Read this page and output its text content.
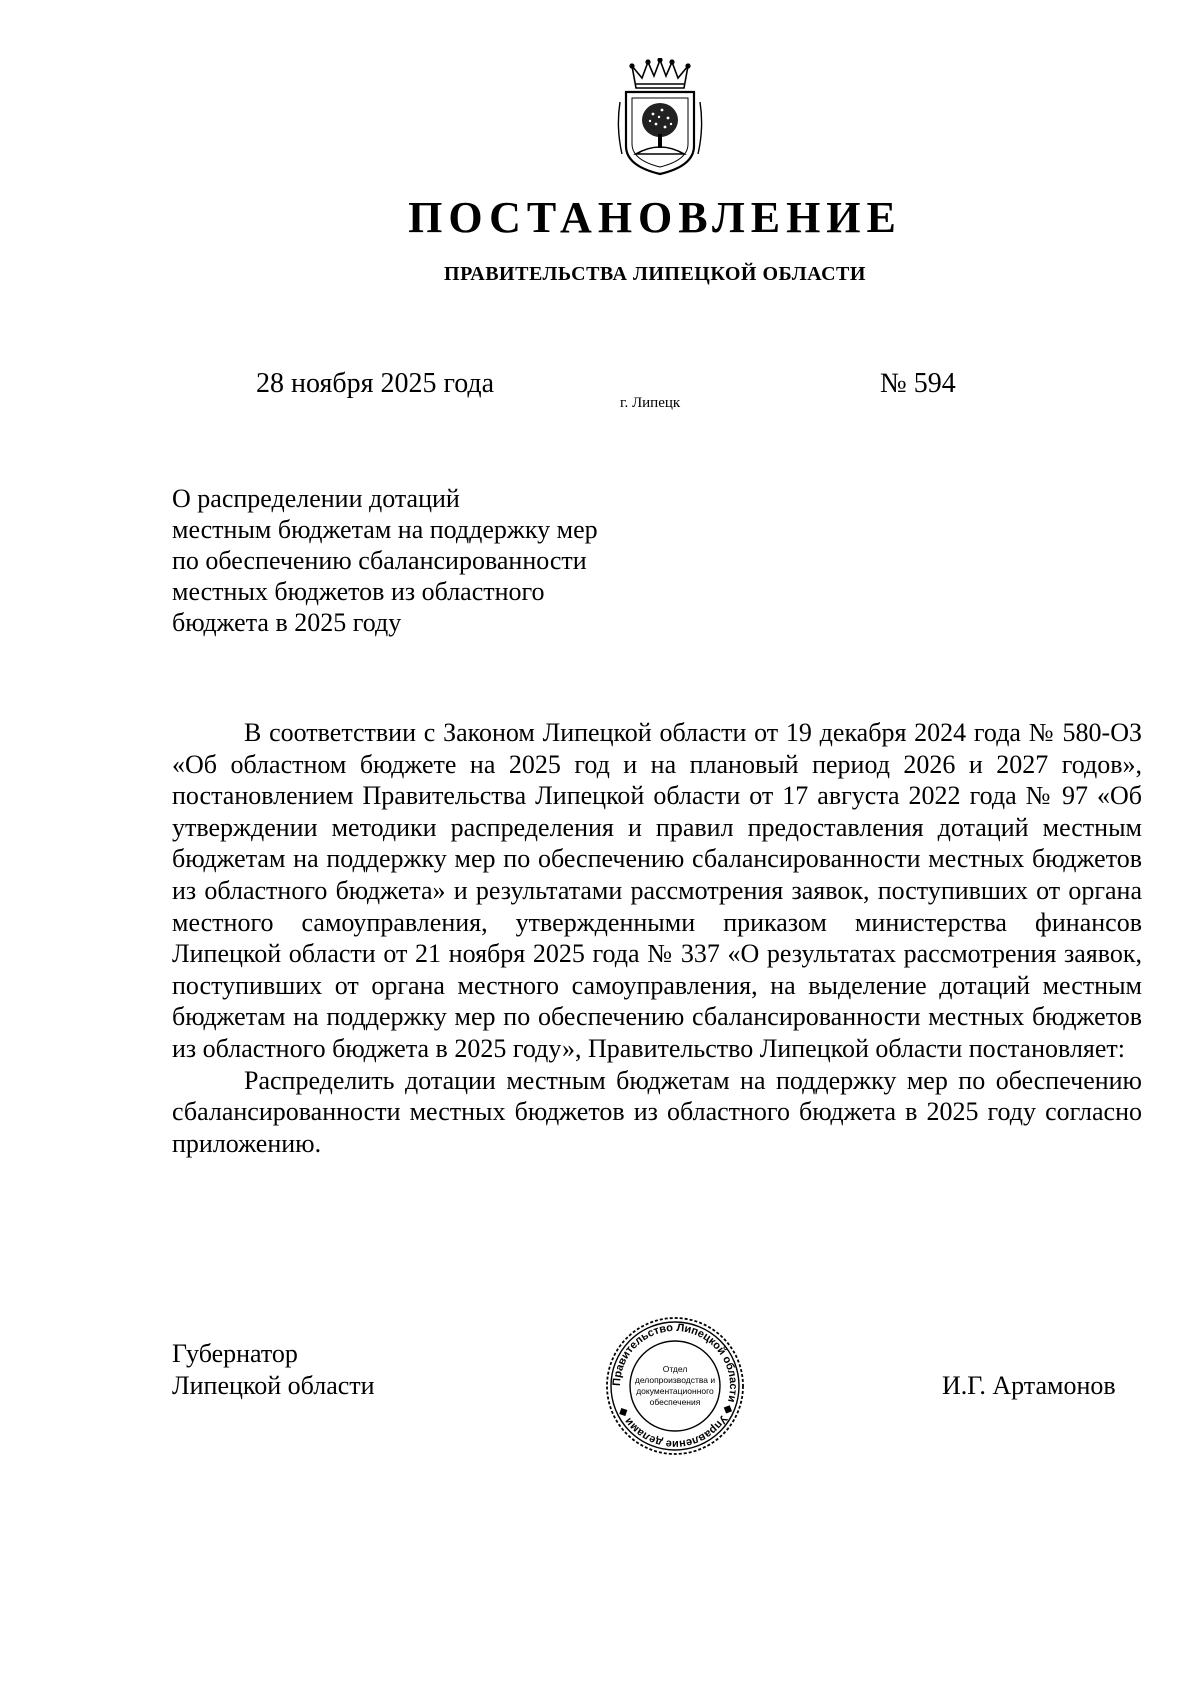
ПОСТАНОВЛЕНИЕ
ПРАВИТЕЛЬСТВА ЛИПЕЦКОЙ ОБЛАСТИ
28 ноября 2025 года
г. Липецк
№ 594
О распределении дотаций
местным бюджетам на поддержку мер
по обеспечению сбалансированности
местных бюджетов из областного
бюджета в 2025 году

В соответствии с Законом Липецкой области от 19 декабря 2024 года № 580-ОЗ «Об областном бюджете на 2025 год и на плановый период 2026 и 2027 годов», постановлением Правительства Липецкой области от 17 августа 2022 года № 97 «Об утверждении методики распределения и правил предоставления дотаций местным бюджетам на поддержку мер по обеспечению сбалансированности местных бюджетов из областного бюджета» и результатами рассмотрения заявок, поступивших от органа местного самоуправления, утвержденными приказом министерства финансов Липецкой области от 21 ноября 2025 года № 337 «О результатах рассмотрения заявок, поступивших от органа местного самоуправления, на выделение дотаций местным бюджетам на поддержку мер по обеспечению сбалансированности местных бюджетов из областного бюджета в 2025 году», Правительство Липецкой области постановляет:

Распределить дотации местным бюджетам на поддержку мер по обеспечению сбалансированности местных бюджетов из областного бюджета в 2025 году согласно приложению.

Губернатор
Липецкой области	Правительство Липецкой области ◆ Управление делами ◆
Отдел
делопроизводства и
документационного
обеспечения
И.Г. Артамонов
